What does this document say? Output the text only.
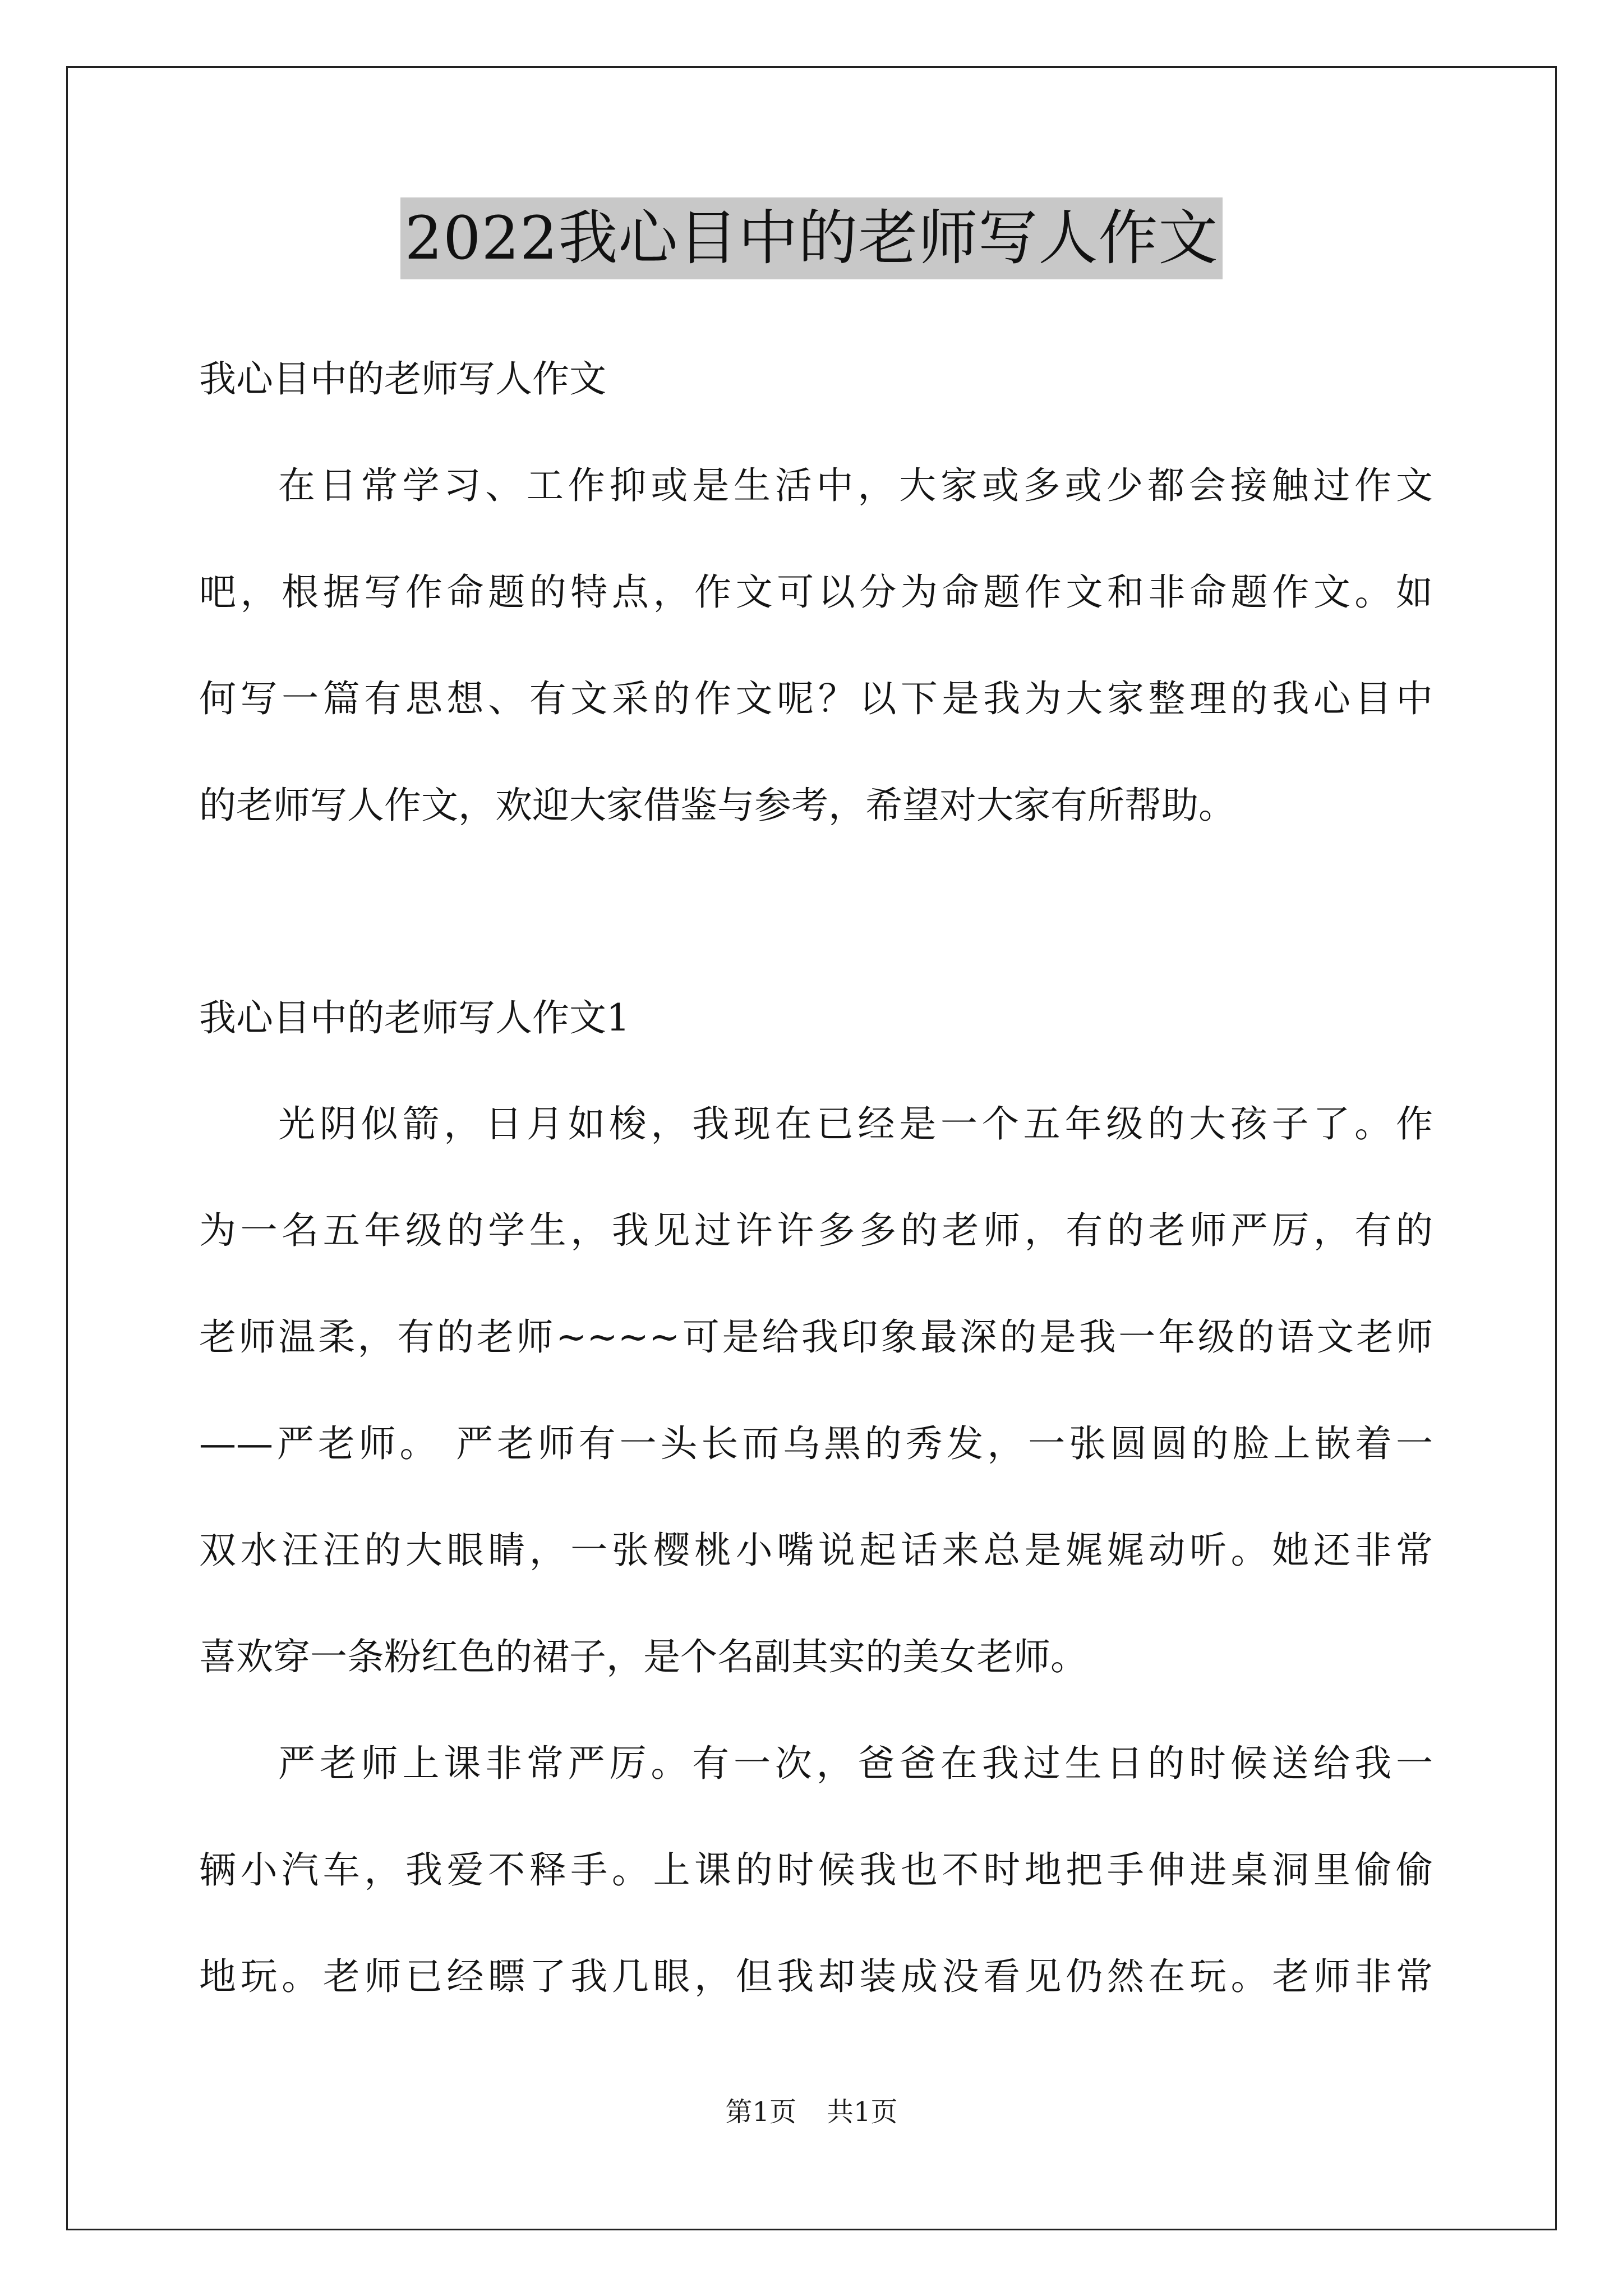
2022我心目中的老师写人作文
我心目中的老师写人作文
在日常学习、工作抑或是生活中，大家或多或少都会接触过作文
吧，根据写作命题的特点，作文可以分为命题作文和非命题作文。如
何写一篇有思想、有文采的作文呢？以下是我为大家整理的我心目中
的老师写人作文，欢迎大家借鉴与参考，希望对大家有所帮助。
我心目中的老师写人作文1
光阴似箭，日月如梭，我现在已经是一个五年级的大孩子了。作
为一名五年级的学生，我见过许许多多的老师，有的老师严厉，有的
老师温柔，有的老师~~~~可是给我印象最深的是我一年级的语文老师
——严老师。 严老师有一头长而乌黑的秀发，一张圆圆的脸上嵌着一
双水汪汪的大眼睛，一张樱桃小嘴说起话来总是娓娓动听。她还非常
喜欢穿一条粉红色的裙子，是个名副其实的美女老师。
严老师上课非常严厉。有一次，爸爸在我过生日的时候送给我一
辆小汽车，我爱不释手。上课的时候我也不时地把手伸进桌洞里偷偷
地玩。老师已经瞟了我几眼，但我却装成没看见仍然在玩。老师非常
第1页 共1页
